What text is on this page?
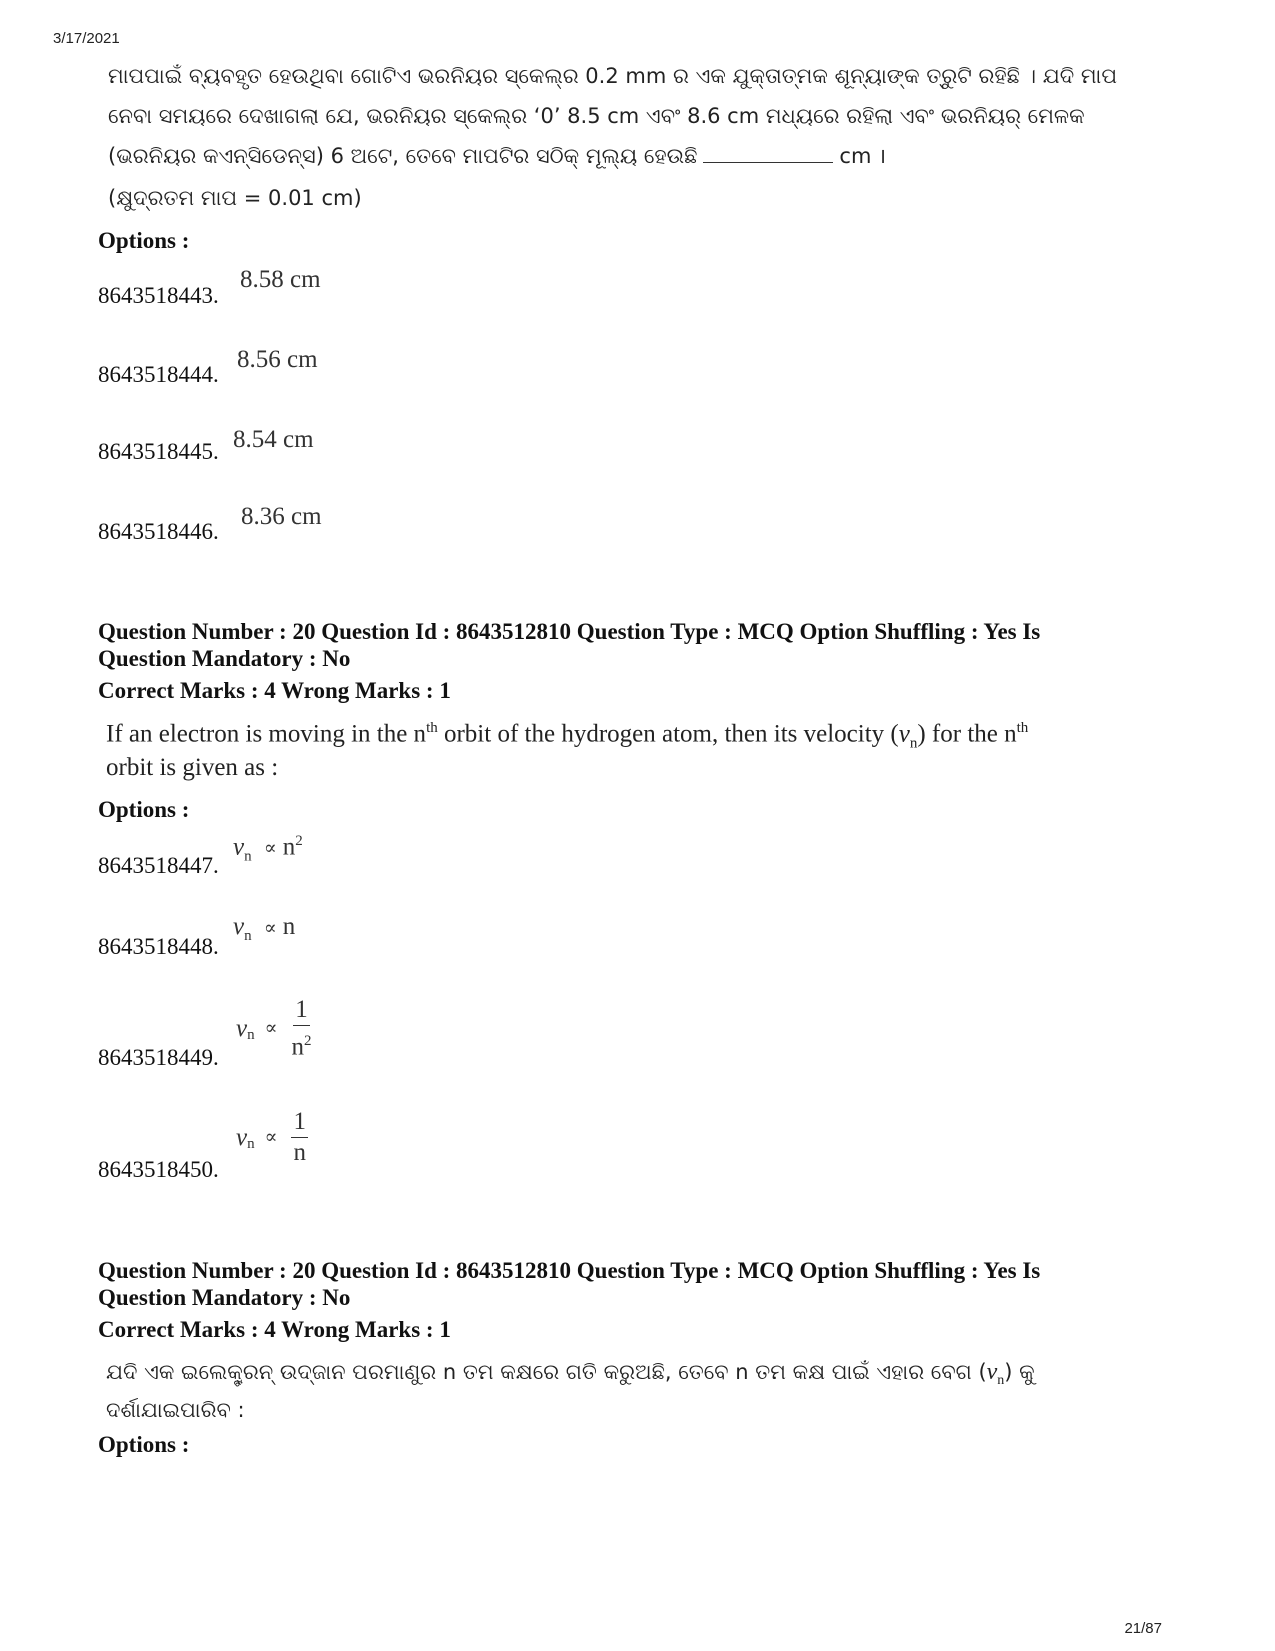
3/17/2021
ମାପପାଇଁ ବ୍ୟବହୃତ ହେଉଥିବା ଗୋଟିଏ ଭରନିୟର ସ୍କେଲ୍‌ର 0.2 mm ର ଏକ ଯୁକ୍ତାତ୍ମକ ଶୂନ୍ୟାଙ୍କ ତ୍ରୁଟି ରହିଛି । ଯଦି ମାପ
ନେବା ସମୟରେ ଦେଖାଗଲା ଯେ, ଭରନିୟର ସ୍କେଲ୍‌ର ‘0’ 8.5 cm ଏବଂ 8.6 cm ମଧ୍ୟରେ ରହିଲା ଏବଂ ଭରନିୟର୍ ମେଳକ
(ଭରନିୟର କଏନ୍ସିଡେନ୍ସ) 6 ଅଟେ, ତେବେ ମାପଟିର ସଠିକ୍ ମୂଲ୍ୟ ହେଉଛି	cm ।
(କ୍ଷୁଦ୍ରତମ ମାପ = 0.01 cm)
Options :
8643518443.
8.58 cm
8643518444.
8.56 cm
8643518445. 8.54 cm
8643518446.
8.36 cm
Question Number : 20 Question Id : 8643512810 Question Type : MCQ Option Shuffling : Yes Is
Question Mandatory : No
Correct Marks : 4 Wrong Marks : 1
If an electron is moving in the $n^{th}$ orbit of the hydrogen atom, then its velocity $(v_n)$ for the $n^{th}$
orbit is given as :
Options :
8643518447.
$v_n \propto n^2$
8643518448.
$v_n \propto n$
8643518449.
$v_n \propto \frac{1}{n^2}$
8643518450.
$v_n \propto \frac{1}{n}$
Question Number : 20 Question Id : 8643512810 Question Type : MCQ Option Shuffling : Yes Is
Question Mandatory : No
Correct Marks : 4 Wrong Marks : 1
ଯଦି ଏକ ଇଲେକ୍ଟ୍ରନ୍ ଉଦ୍‌ଜାନ ପରମାଣୁର n ତମ କକ୍ଷରେ ଗତି କରୁଅଛି, ତେବେ n ତମ କକ୍ଷ ପାଇଁ ଏହାର ବେଗ $(v_n)$ କୁ
ଦର୍ଶାଯାଇପାରିବ :
Options :
21/87
